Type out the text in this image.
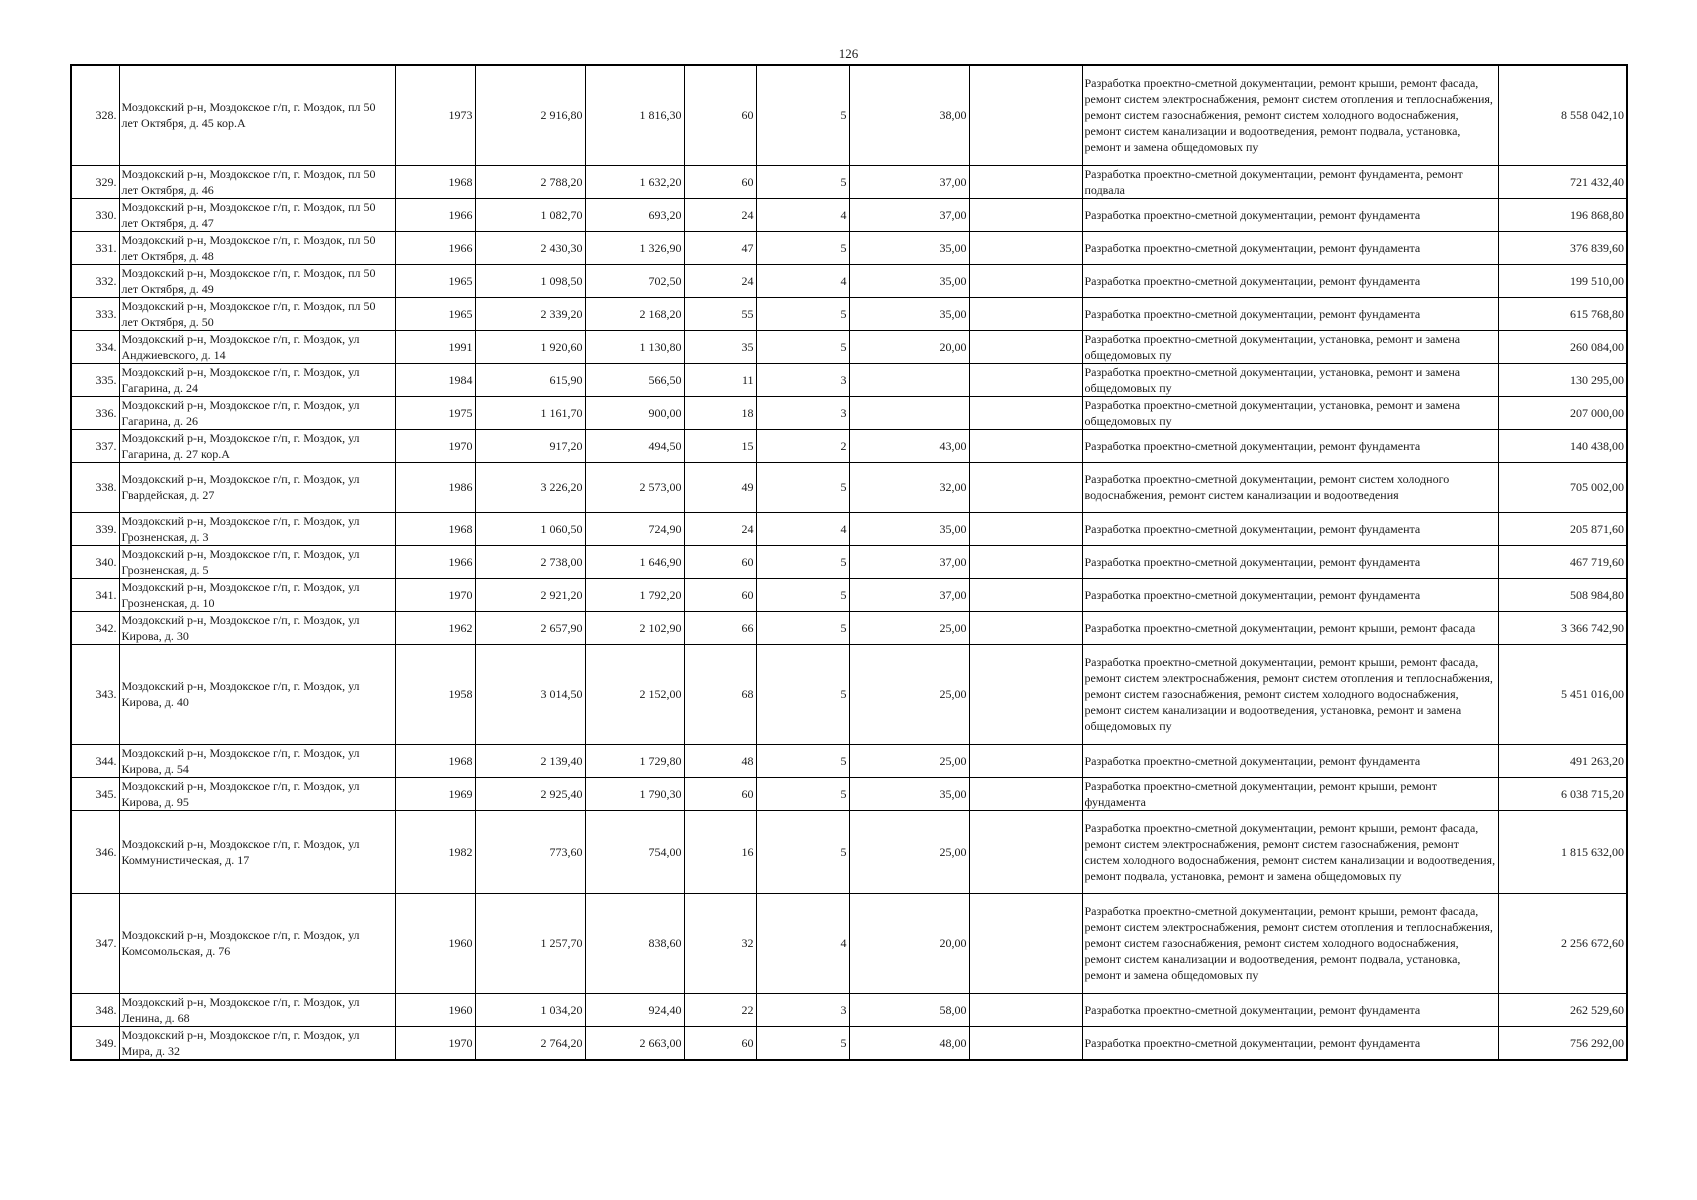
126
328.	Моздокский р-н, Моздокское г/п, г. Моздок, пл 50 лет Октября, д. 45 кор.А	1973	2 916,80	1 816,30	60	5	38,00		Разработка проектно-сметной документации, ремонт крыши, ремонт фасада, ремонт систем электроснабжения, ремонт систем отопления и теплоснабжения, ремонт систем газоснабжения, ремонт систем холодного водоснабжения, ремонт систем канализации и водоотведения, ремонт подвала, установка, ремонт и замена общедомовых пу	8 558 042,10
329.	Моздокский р-н, Моздокское г/п, г. Моздок, пл 50 лет Октября, д. 46	1968	2 788,20	1 632,20	60	5	37,00		Разработка проектно-сметной документации, ремонт фундамента, ремонт подвала	721 432,40
330.	Моздокский р-н, Моздокское г/п, г. Моздок, пл 50 лет Октября, д. 47	1966	1 082,70	693,20	24	4	37,00		Разработка проектно-сметной документации, ремонт фундамента	196 868,80
331.	Моздокский р-н, Моздокское г/п, г. Моздок, пл 50 лет Октября, д. 48	1966	2 430,30	1 326,90	47	5	35,00		Разработка проектно-сметной документации, ремонт фундамента	376 839,60
332.	Моздокский р-н, Моздокское г/п, г. Моздок, пл 50 лет Октября, д. 49	1965	1 098,50	702,50	24	4	35,00		Разработка проектно-сметной документации, ремонт фундамента	199 510,00
333.	Моздокский р-н, Моздокское г/п, г. Моздок, пл 50 лет Октября, д. 50	1965	2 339,20	2 168,20	55	5	35,00		Разработка проектно-сметной документации, ремонт фундамента	615 768,80
334.	Моздокский р-н, Моздокское г/п, г. Моздок, ул Анджиевского, д. 14	1991	1 920,60	1 130,80	35	5	20,00		Разработка проектно-сметной документации, установка, ремонт и замена общедомовых пу	260 084,00
335.	Моздокский р-н, Моздокское г/п, г. Моздок, ул Гагарина, д. 24	1984	615,90	566,50	11	3			Разработка проектно-сметной документации, установка, ремонт и замена общедомовых пу	130 295,00
336.	Моздокский р-н, Моздокское г/п, г. Моздок, ул Гагарина, д. 26	1975	1 161,70	900,00	18	3			Разработка проектно-сметной документации, установка, ремонт и замена общедомовых пу	207 000,00
337.	Моздокский р-н, Моздокское г/п, г. Моздок, ул Гагарина, д. 27 кор.А	1970	917,20	494,50	15	2	43,00		Разработка проектно-сметной документации, ремонт фундамента	140 438,00
338.	Моздокский р-н, Моздокское г/п, г. Моздок, ул Гвардейская, д. 27	1986	3 226,20	2 573,00	49	5	32,00		Разработка проектно-сметной документации, ремонт систем холодного водоснабжения, ремонт систем канализации и водоотведения	705 002,00
339.	Моздокский р-н, Моздокское г/п, г. Моздок, ул Грозненская, д. 3	1968	1 060,50	724,90	24	4	35,00		Разработка проектно-сметной документации, ремонт фундамента	205 871,60
340.	Моздокский р-н, Моздокское г/п, г. Моздок, ул Грозненская, д. 5	1966	2 738,00	1 646,90	60	5	37,00		Разработка проектно-сметной документации, ремонт фундамента	467 719,60
341.	Моздокский р-н, Моздокское г/п, г. Моздок, ул Грозненская, д. 10	1970	2 921,20	1 792,20	60	5	37,00		Разработка проектно-сметной документации, ремонт фундамента	508 984,80
342.	Моздокский р-н, Моздокское г/п, г. Моздок, ул Кирова, д. 30	1962	2 657,90	2 102,90	66	5	25,00		Разработка проектно-сметной документации, ремонт крыши, ремонт фасада	3 366 742,90
343.	Моздокский р-н, Моздокское г/п, г. Моздок, ул Кирова, д. 40	1958	3 014,50	2 152,00	68	5	25,00		Разработка проектно-сметной документации, ремонт крыши, ремонт фасада, ремонт систем электроснабжения, ремонт систем отопления и теплоснабжения, ремонт систем газоснабжения, ремонт систем холодного водоснабжения, ремонт систем канализации и водоотведения, установка, ремонт и замена общедомовых пу	5 451 016,00
344.	Моздокский р-н, Моздокское г/п, г. Моздок, ул Кирова, д. 54	1968	2 139,40	1 729,80	48	5	25,00		Разработка проектно-сметной документации, ремонт фундамента	491 263,20
345.	Моздокский р-н, Моздокское г/п, г. Моздок, ул Кирова, д. 95	1969	2 925,40	1 790,30	60	5	35,00		Разработка проектно-сметной документации, ремонт крыши, ремонт фундамента	6 038 715,20
346.	Моздокский р-н, Моздокское г/п, г. Моздок, ул Коммунистическая, д. 17	1982	773,60	754,00	16	5	25,00		Разработка проектно-сметной документации, ремонт крыши, ремонт фасада, ремонт систем электроснабжения, ремонт систем газоснабжения, ремонт систем холодного водоснабжения, ремонт систем канализации и водоотведения, ремонт подвала, установка, ремонт и замена общедомовых пу	1 815 632,00
347.	Моздокский р-н, Моздокское г/п, г. Моздок, ул Комсомольская, д. 76	1960	1 257,70	838,60	32	4	20,00		Разработка проектно-сметной документации, ремонт крыши, ремонт фасада, ремонт систем электроснабжения, ремонт систем отопления и теплоснабжения, ремонт систем газоснабжения, ремонт систем холодного водоснабжения, ремонт систем канализации и водоотведения, ремонт подвала, установка, ремонт и замена общедомовых пу	2 256 672,60
348.	Моздокский р-н, Моздокское г/п, г. Моздок, ул Ленина, д. 68	1960	1 034,20	924,40	22	3	58,00		Разработка проектно-сметной документации, ремонт фундамента	262 529,60
349.	Моздокский р-н, Моздокское г/п, г. Моздок, ул Мира, д. 32	1970	2 764,20	2 663,00	60	5	48,00		Разработка проектно-сметной документации, ремонт фундамента	756 292,00
